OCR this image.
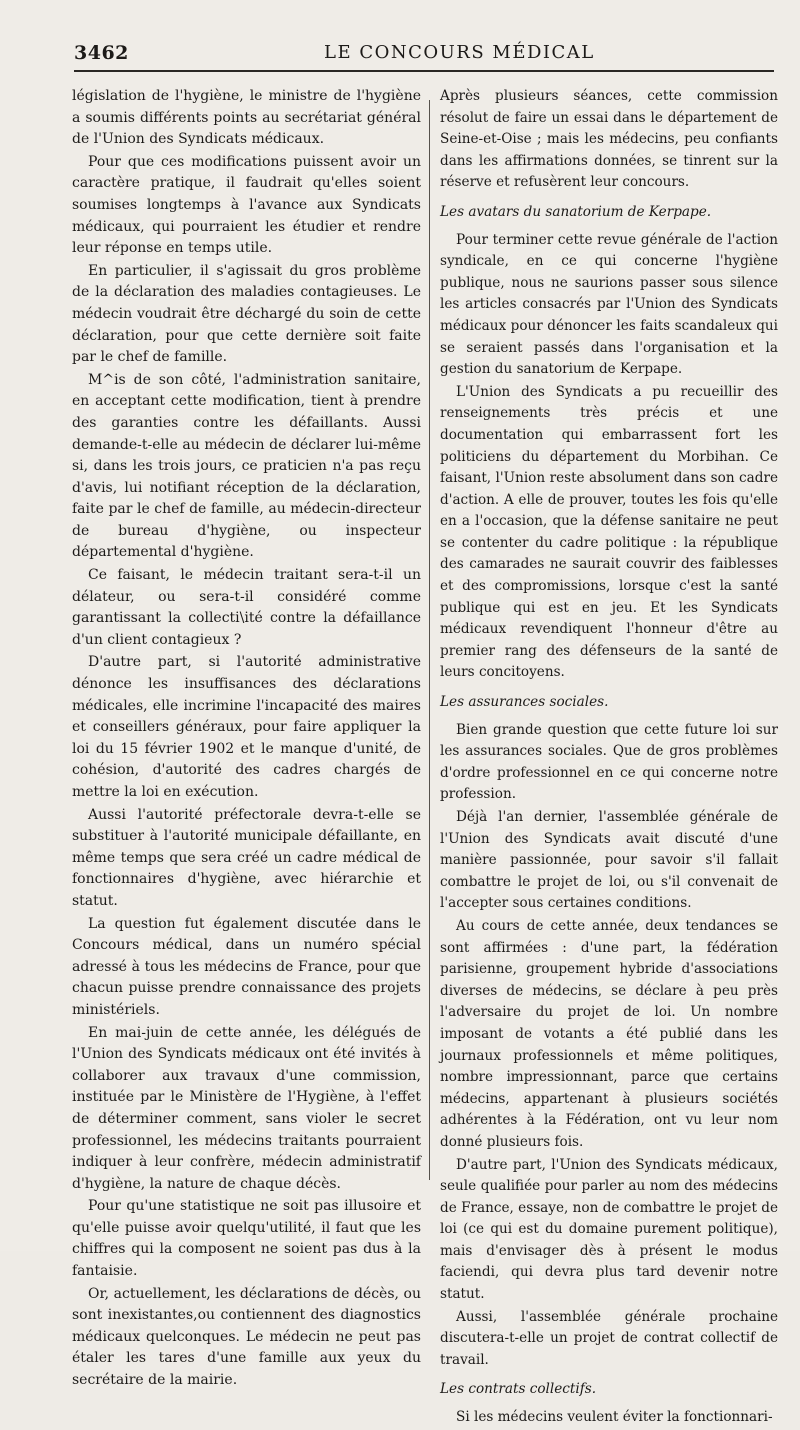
3462	LE CONCOURS MÉDICAL

législation de l'hygiène, le ministre de l'hygiène a soumis différents points au secrétariat général de l'Union des Syndicats médicaux.

Pour que ces modifications puissent avoir un caractère pratique, il faudrait qu'elles soient soumises longtemps à l'avance aux Syndicats médicaux, qui pourraient les étudier et rendre leur réponse en temps utile.

En particulier, il s'agissait du gros problème de la déclaration des maladies contagieuses. Le médecin voudrait être déchargé du soin de cette déclaration, pour que cette dernière soit faite par le chef de famille.

M^is de son côté, l'administration sanitaire, en acceptant cette modification, tient à prendre des garanties contre les défaillants. Aussi demande-t-elle au médecin de déclarer lui-même si, dans les trois jours, ce praticien n'a pas reçu d'avis, lui notifiant réception de la déclaration, faite par le chef de famille, au médecin-directeur de bureau d'hygiène, ou inspecteur départemental d'hygiène.

Ce faisant, le médecin traitant sera-t-il un délateur, ou sera-t-il considéré comme garantissant la collecti\ité contre la défaillance d'un client contagieux ?

D'autre part, si l'autorité administrative dénonce les insuffisances des déclarations médicales, elle incrimine l'incapacité des maires et conseillers généraux, pour faire appliquer la loi du 15 février 1902 et le manque d'unité, de cohésion, d'autorité des cadres chargés de mettre la loi en exécution.

Aussi l'autorité préfectorale devra-t-elle se substituer à l'autorité municipale défaillante, en même temps que sera créé un cadre médical de fonctionnaires d'hygiène, avec hiérarchie et statut.

La question fut également discutée dans le Concours médical, dans un numéro spécial adressé à tous les médecins de France, pour que chacun puisse prendre connaissance des projets ministériels.

En mai-juin de cette année, les délégués de l'Union des Syndicats médicaux ont été invités à collaborer aux travaux d'une commission, instituée par le Ministère de l'Hygiène, à l'effet de déterminer comment, sans violer le secret professionnel, les médecins traitants pourraient indiquer à leur confrère, médecin administratif d'hygiène, la nature de chaque décès.

Pour qu'une statistique ne soit pas illusoire et qu'elle puisse avoir quelqu'utilité, il faut que les chiffres qui la composent ne soient pas dus à la fantaisie.

Or, actuellement, les déclarations de décès, ou sont inexistantes,ou contiennent des diagnostics médicaux quelconques. Le médecin ne peut pas étaler les tares d'une famille aux yeux du secrétaire de la mairie.

Après plusieurs séances, cette commission résolut de faire un essai dans le département de Seine-et-Oise ; mais les médecins, peu confiants dans les affirmations données, se tinrent sur la réserve et refusèrent leur concours.

Les avatars du sanatorium de Kerpape.

Pour terminer cette revue générale de l'action syndicale, en ce qui concerne l'hygiène publique, nous ne saurions passer sous silence les articles consacrés par l'Union des Syndicats médicaux pour dénoncer les faits scandaleux qui se seraient passés dans l'organisation et la gestion du sanatorium de Kerpape.

L'Union des Syndicats a pu recueillir des renseignements très précis et une documentation qui embarrassent fort les politiciens du département du Morbihan. Ce faisant, l'Union reste absolument dans son cadre d'action. A elle de prouver, toutes les fois qu'elle en a l'occasion, que la défense sanitaire ne peut se contenter du cadre politique : la république des camarades ne saurait couvrir des faiblesses et des compromissions, lorsque c'est la santé publique qui est en jeu. Et les Syndicats médicaux revendiquent l'honneur d'être au premier rang des défenseurs de la santé de leurs concitoyens.

Les assurances sociales.

Bien grande question que cette future loi sur les assurances sociales. Que de gros problèmes d'ordre professionnel en ce qui concerne notre profession.

Déjà l'an dernier, l'assemblée générale de l'Union des Syndicats avait discuté d'une manière passionnée, pour savoir s'il fallait combattre le projet de loi, ou s'il convenait de l'accepter sous certaines conditions.

Au cours de cette année, deux tendances se sont affirmées : d'une part, la fédération parisienne, groupement hybride d'associations diverses de médecins, se déclare à peu près l'adversaire du projet de loi. Un nombre imposant de votants a été publié dans les journaux professionnels et même politiques, nombre impressionnant, parce que certains médecins, appartenant à plusieurs sociétés adhérentes à la Fédération, ont vu leur nom donné plusieurs fois.

D'autre part, l'Union des Syndicats médicaux, seule qualifiée pour parler au nom des médecins de France, essaye, non de combattre le projet de loi (ce qui est du domaine purement politique), mais d'envisager dès à présent le modus faciendi, qui devra plus tard devenir notre statut.

Aussi, l'assemblée générale prochaine discutera-t-elle un projet de contrat collectif de travail.

Les contrats collectifs.

Si les médecins veulent éviter la fonctionnari-
